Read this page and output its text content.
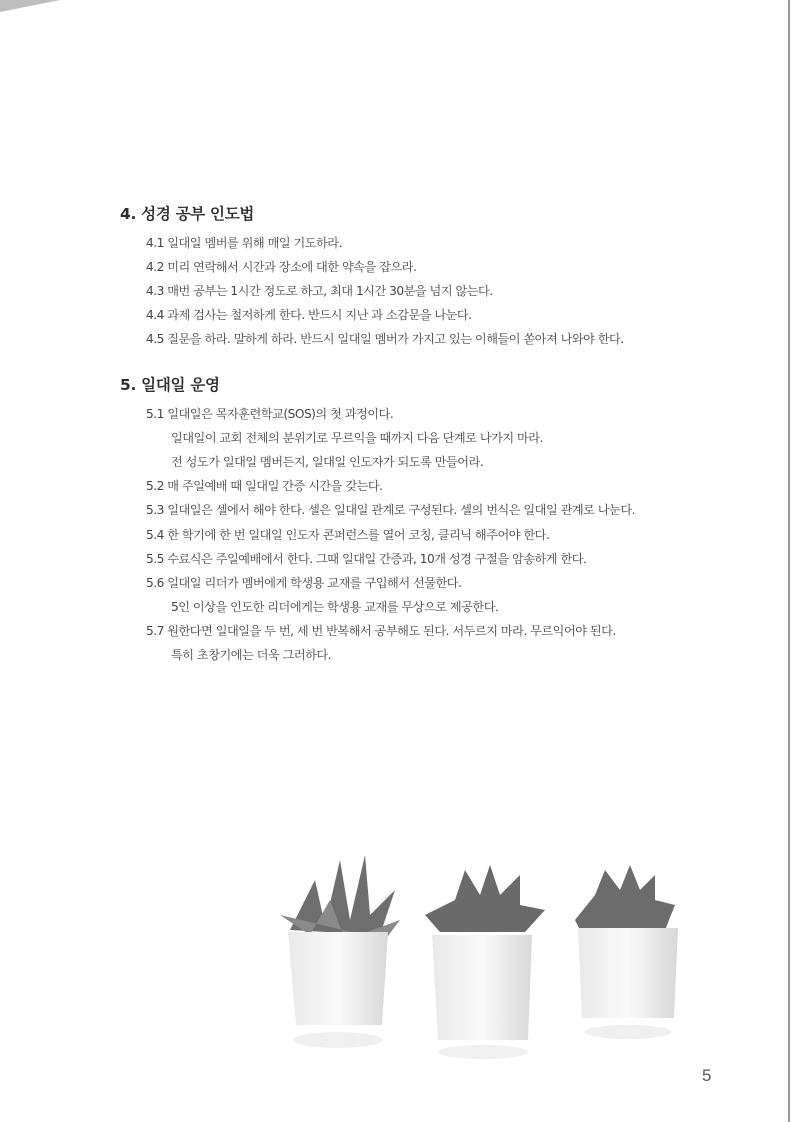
4. 성경 공부 인도법
4.1 일대일 멤버를 위해 매일 기도하라.
4.2 미리 연락해서 시간과 장소에 대한 약속을 잡으라.
4.3 매번 공부는 1시간 정도로 하고, 최대 1시간 30분을 넘지 않는다.
4.4 과제 검사는 철저하게 한다. 반드시 지난 과 소감문을 나눈다.
4.5 질문을 하라. 말하게 하라. 반드시 일대일 멤버가 가지고 있는 이해들이 쏟아져 나와야 한다.
5. 일대일 운영
5.1 일대일은 목자훈련학교(SOS)의 첫 과정이다.
일대일이 교회 전체의 분위기로 무르익을 때까지 다음 단계로 나가지 마라.
전 성도가 일대일 멤버든지, 일대일 인도자가 되도록 만들어라.
5.2 매 주일예배 때 일대일 간증 시간을 갖는다.
5.3 일대일은 셀에서 해야 한다. 셀은 일대일 관계로 구성된다. 셀의 번식은 일대일 관계로 나눈다.
5.4 한 학기에 한 번 일대일 인도자 콘퍼런스를 열어 코칭, 클리닉 해주어야 한다.
5.5 수료식은 주일예배에서 한다. 그때 일대일 간증과, 10개 성경 구절을 암송하게 한다.
5.6 일대일 리더가 멤버에게 학생용 교재를 구입해서 선물한다.
5인 이상을 인도한 리더에게는 학생용 교재를 무상으로 제공한다.
5.7 원한다면 일대일을 두 번, 세 번 반복해서 공부해도 된다. 서두르지 마라. 무르익어야 된다.
특히 초창기에는 더욱 그러하다.
5
